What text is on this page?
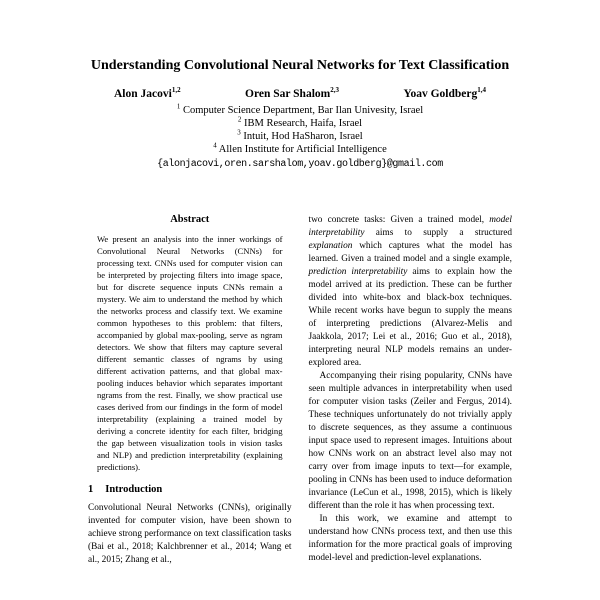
Understanding Convolutional Neural Networks for Text Classification
Alon Jacovi$^{1,2}$	Oren Sar Shalom$^{2,3}$	Yoav Goldberg$^{1,4}$
$^1$ Computer Science Department, Bar Ilan Univesity, Israel
$^2$ IBM Research, Haifa, Israel
$^3$ Intuit, Hod HaSharon, Israel
$^4$ Allen Institute for Artificial Intelligence
{alonjacovi,oren.sarshalom,yoav.goldberg}@gmail.com
Abstract

We present an analysis into the inner workings of Convolutional Neural Networks (CNNs) for processing text. CNNs used for computer vision can be interpreted by projecting filters into image space, but for discrete sequence inputs CNNs remain a mystery. We aim to understand the method by which the networks process and classify text. We examine common hypotheses to this problem: that filters, accompanied by global max-pooling, serve as ngram detectors. We show that filters may capture several different semantic classes of ngrams by using different activation patterns, and that global max-pooling induces behavior which separates important ngrams from the rest. Finally, we show practical use cases derived from our findings in the form of model interpretability (explaining a trained model by deriving a concrete identity for each filter, bridging the gap between visualization tools in vision tasks and NLP) and prediction interpretability (explaining predictions).

1 Introduction

Convolutional Neural Networks (CNNs), originally invented for computer vision, have been shown to achieve strong performance on text classification tasks (Bai et al., 2018; Kalchbrenner et al., 2014; Wang et al., 2015; Zhang et al.,

two concrete tasks: Given a trained model, model interpretability aims to supply a structured explanation which captures what the model has learned. Given a trained model and a single example, prediction interpretability aims to explain how the model arrived at its prediction. These can be further divided into white-box and black-box techniques. While recent works have begun to supply the means of interpreting predictions (Alvarez-Melis and Jaakkola, 2017; Lei et al., 2016; Guo et al., 2018), interpreting neural NLP models remains an under-explored area.

Accompanying their rising popularity, CNNs have seen multiple advances in interpretability when used for computer vision tasks (Zeiler and Fergus, 2014). These techniques unfortunately do not trivially apply to discrete sequences, as they assume a continuous input space used to represent images. Intuitions about how CNNs work on an abstract level also may not carry over from image inputs to text—for example, pooling in CNNs has been used to induce deformation invariance (LeCun et al., 1998, 2015), which is likely different than the role it has when processing text.

In this work, we examine and attempt to understand how CNNs process text, and then use this information for the more practical goals of improving model-level and prediction-level explanations.
